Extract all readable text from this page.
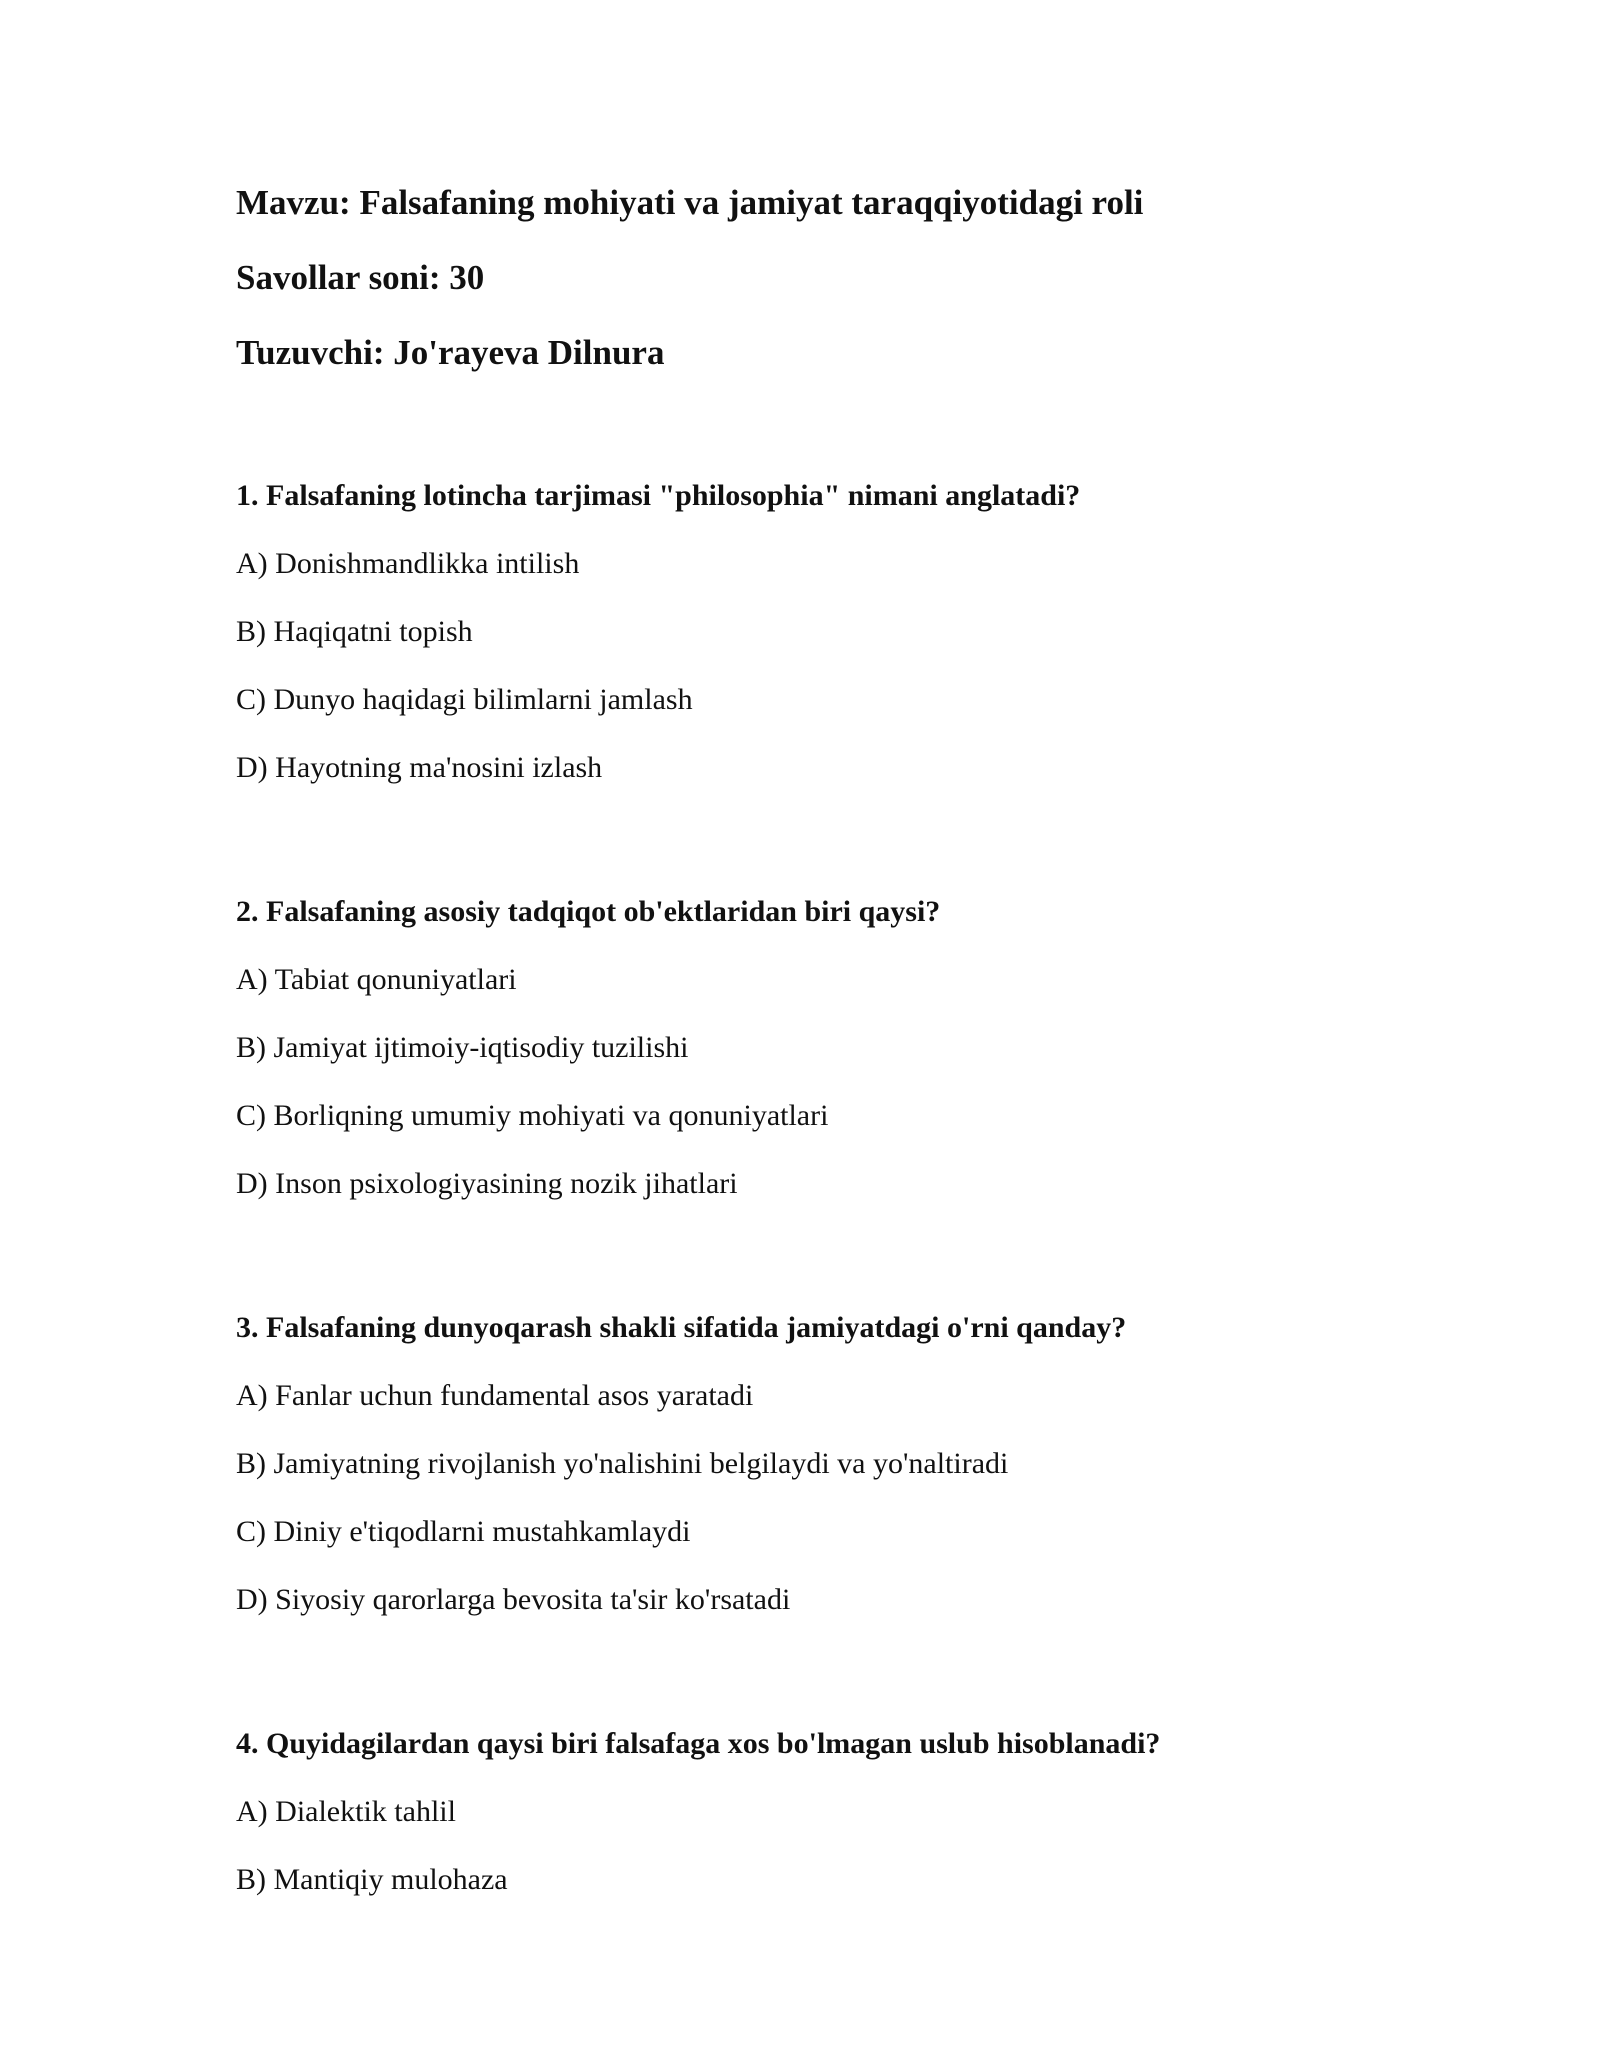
Mavzu: Falsafaning mohiyati va jamiyat taraqqiyotidagi roli
Savollar soni: 30
Tuzuvchi: Jo'rayeva Dilnura
1. Falsafaning lotincha tarjimasi "philosophia" nimani anglatadi?
A) Donishmandlikka intilish
B) Haqiqatni topish
C) Dunyo haqidagi bilimlarni jamlash
D) Hayotning ma'nosini izlash
2. Falsafaning asosiy tadqiqot ob'ektlaridan biri qaysi?
A) Tabiat qonuniyatlari
B) Jamiyat ijtimoiy-iqtisodiy tuzilishi
C) Borliqning umumiy mohiyati va qonuniyatlari
D) Inson psixologiyasining nozik jihatlari
3. Falsafaning dunyoqarash shakli sifatida jamiyatdagi o'rni qanday?
A) Fanlar uchun fundamental asos yaratadi
B) Jamiyatning rivojlanish yo'nalishini belgilaydi va yo'naltiradi
C) Diniy e'tiqodlarni mustahkamlaydi
D) Siyosiy qarorlarga bevosita ta'sir ko'rsatadi
4. Quyidagilardan qaysi biri falsafaga xos bo'lmagan uslub hisoblanadi?
A) Dialektik tahlil
B) Mantiqiy mulohaza
